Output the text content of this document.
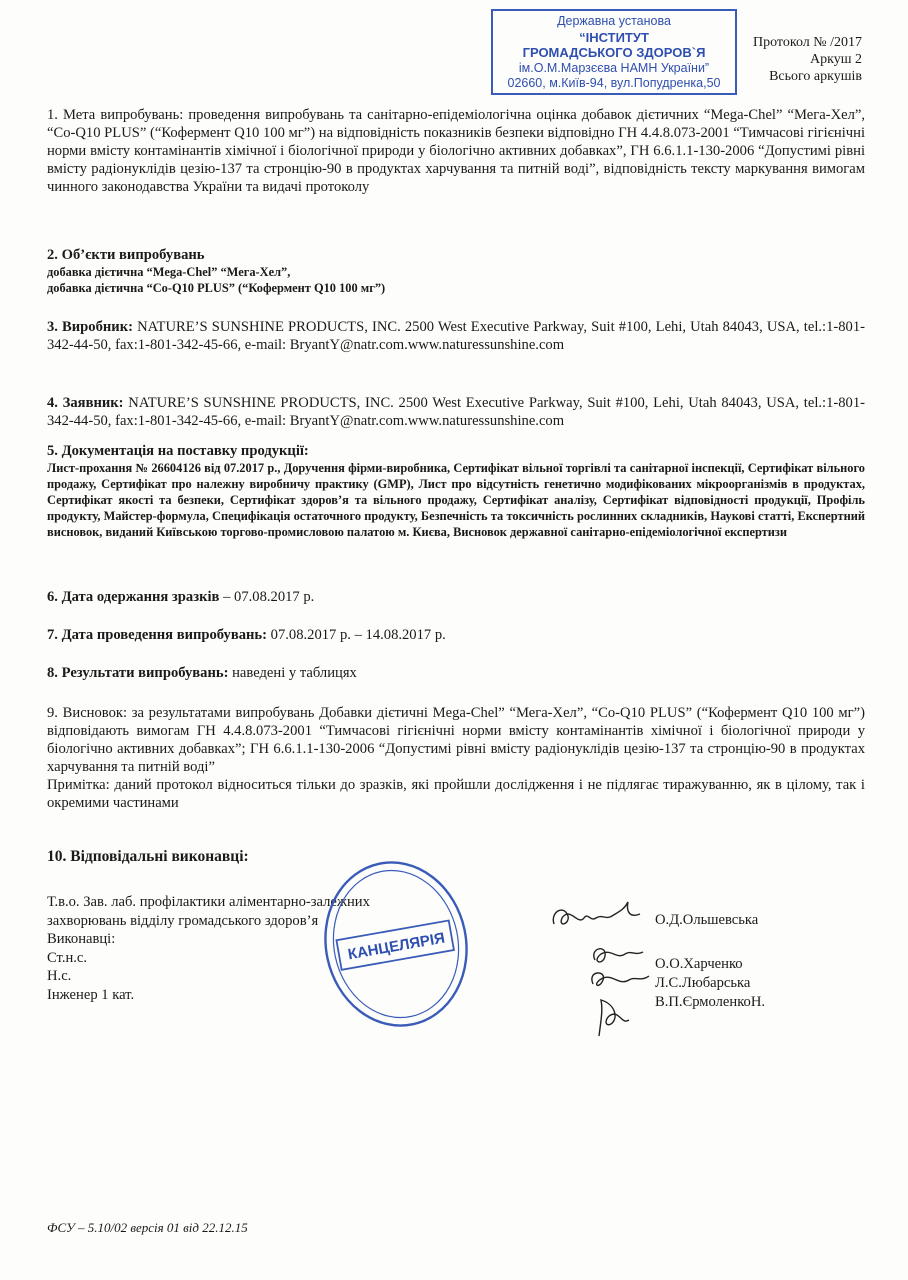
Державна установа
“ІНСТИТУТ
ГРОМАДСЬКОГО ЗДОРОВ`Я
ім.О.М.Марзєєва НАМН України”
02660, м.Київ-94, вул.Попудренка,50
Протокол № /2017
Аркуш 2
Всього аркушів
1. Мета випробувань: проведення випробувань та санітарно-епідеміологічна оцінка добавок дієтичних “Mega-Chel” “Мега-Хел”, “Co-Q10 PLUS” (“Кофермент Q10 100 мг”) на відповідність показників безпеки відповідно ГН 4.4.8.073-2001 “Тимчасові гігієнічні норми вмісту контамінантів хімічної і біологічної природи у біологічно активних добавках”, ГН 6.6.1.1-130-2006 “Допустимі рівні вмісту радіонуклідів цезію-137 та стронцію-90 в продуктах харчування та питній воді”, відповідність тексту маркування вимогам чинного законодавства України та видачі протоколу
2. Об’єкти випробувань
добавка дієтична “Mega-Chel” “Мега-Хел”,
добавка дієтична “Co-Q10 PLUS” (“Кофермент Q10 100 мг”)
3. Виробник: NATURE’S SUNSHINE PRODUCTS, INC. 2500 West Executive Parkway, Suit #100, Lehi, Utah 84043, USA, tel.:1-801-342-44-50, fax:1-801-342-45-66, e-mail: BryantY@natr.com.www.naturessunshine.com
4. Заявник: NATURE’S SUNSHINE PRODUCTS, INC. 2500 West Executive Parkway, Suit #100, Lehi, Utah 84043, USA, tel.:1-801-342-44-50, fax:1-801-342-45-66, e-mail: BryantY@natr.com.www.naturessunshine.com
5. Документація на поставку продукції:
Лист-прохання № 26604126 від 07.2017 р., Доручення фірми-виробника, Сертифікат вільної торгівлі та санітарної інспекції, Сертифікат вільного продажу, Сертифікат про належну виробничу практику (GMP), Лист про відсутність генетично модифікованих мікроорганізмів в продуктах, Сертифікат якості та безпеки, Сертифікат здоров’я та вільного продажу, Сертифікат аналізу, Сертифікат відповідності продукції, Профіль продукту, Майстер-формула, Специфікація остаточного продукту, Безпечність та токсичність рослинних складників, Наукові статті, Експертний висновок, виданий Київською торгово-промисловою палатою м. Києва, Висновок державної санітарно-епідеміологічної експертизи
6. Дата одержання зразків – 07.08.2017 р.
7. Дата проведення випробувань: 07.08.2017 р. – 14.08.2017 р.
8. Результати випробувань: наведені у таблицях
9. Висновок: за результатами випробувань Добавки дієтичні Mega-Chel” “Мега-Хел”, “Co-Q10 PLUS” (“Кофермент Q10 100 мг”) відповідають вимогам ГН 4.4.8.073-2001 “Тимчасові гігієнічні норми вмісту контамінантів хімічної і біологічної природи у біологічно активних добавках”; ГН 6.6.1.1-130-2006 “Допустимі рівні вмісту радіонуклідів цезію-137 та стронцію-90 в продуктах харчування та питній воді”
Примітка: даний протокол відноситься тільки до зразків, які пройшли дослідження і не підлягає тиражуванню, як в цілому, так і окремими частинами
10. Відповідальні виконавці:
Т.в.о. Зав. лаб. профілактики аліментарно-залежних
захворювань відділу громадського здоров’я
Виконавці:
Ст.н.с.
Н.с.
Інженер 1 кат.
О.Д.Ольшевська
О.О.Харченко
Л.С.Любарська
В.П.ЄрмоленкоН.
КАНЦЕЛЯРІЯ
ФСУ – 5.10/02 версія 01 від 22.12.15
